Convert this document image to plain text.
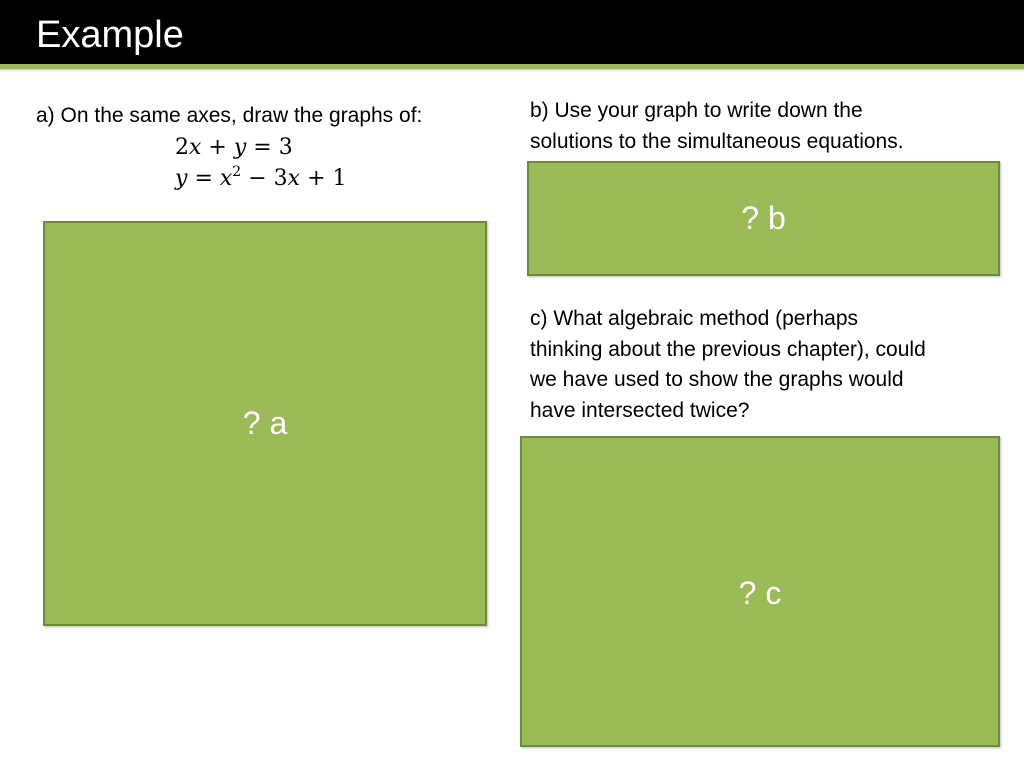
Example
a) On the same axes, draw the graphs of:
2x + y = 3
$y = x^2 - 3x + 1$
? a
b) Use your graph to write down the
solutions to the simultaneous equations.
? b
c) What algebraic method (perhaps
thinking about the previous chapter), could
we have used to show the graphs would
have intersected twice?
? c
